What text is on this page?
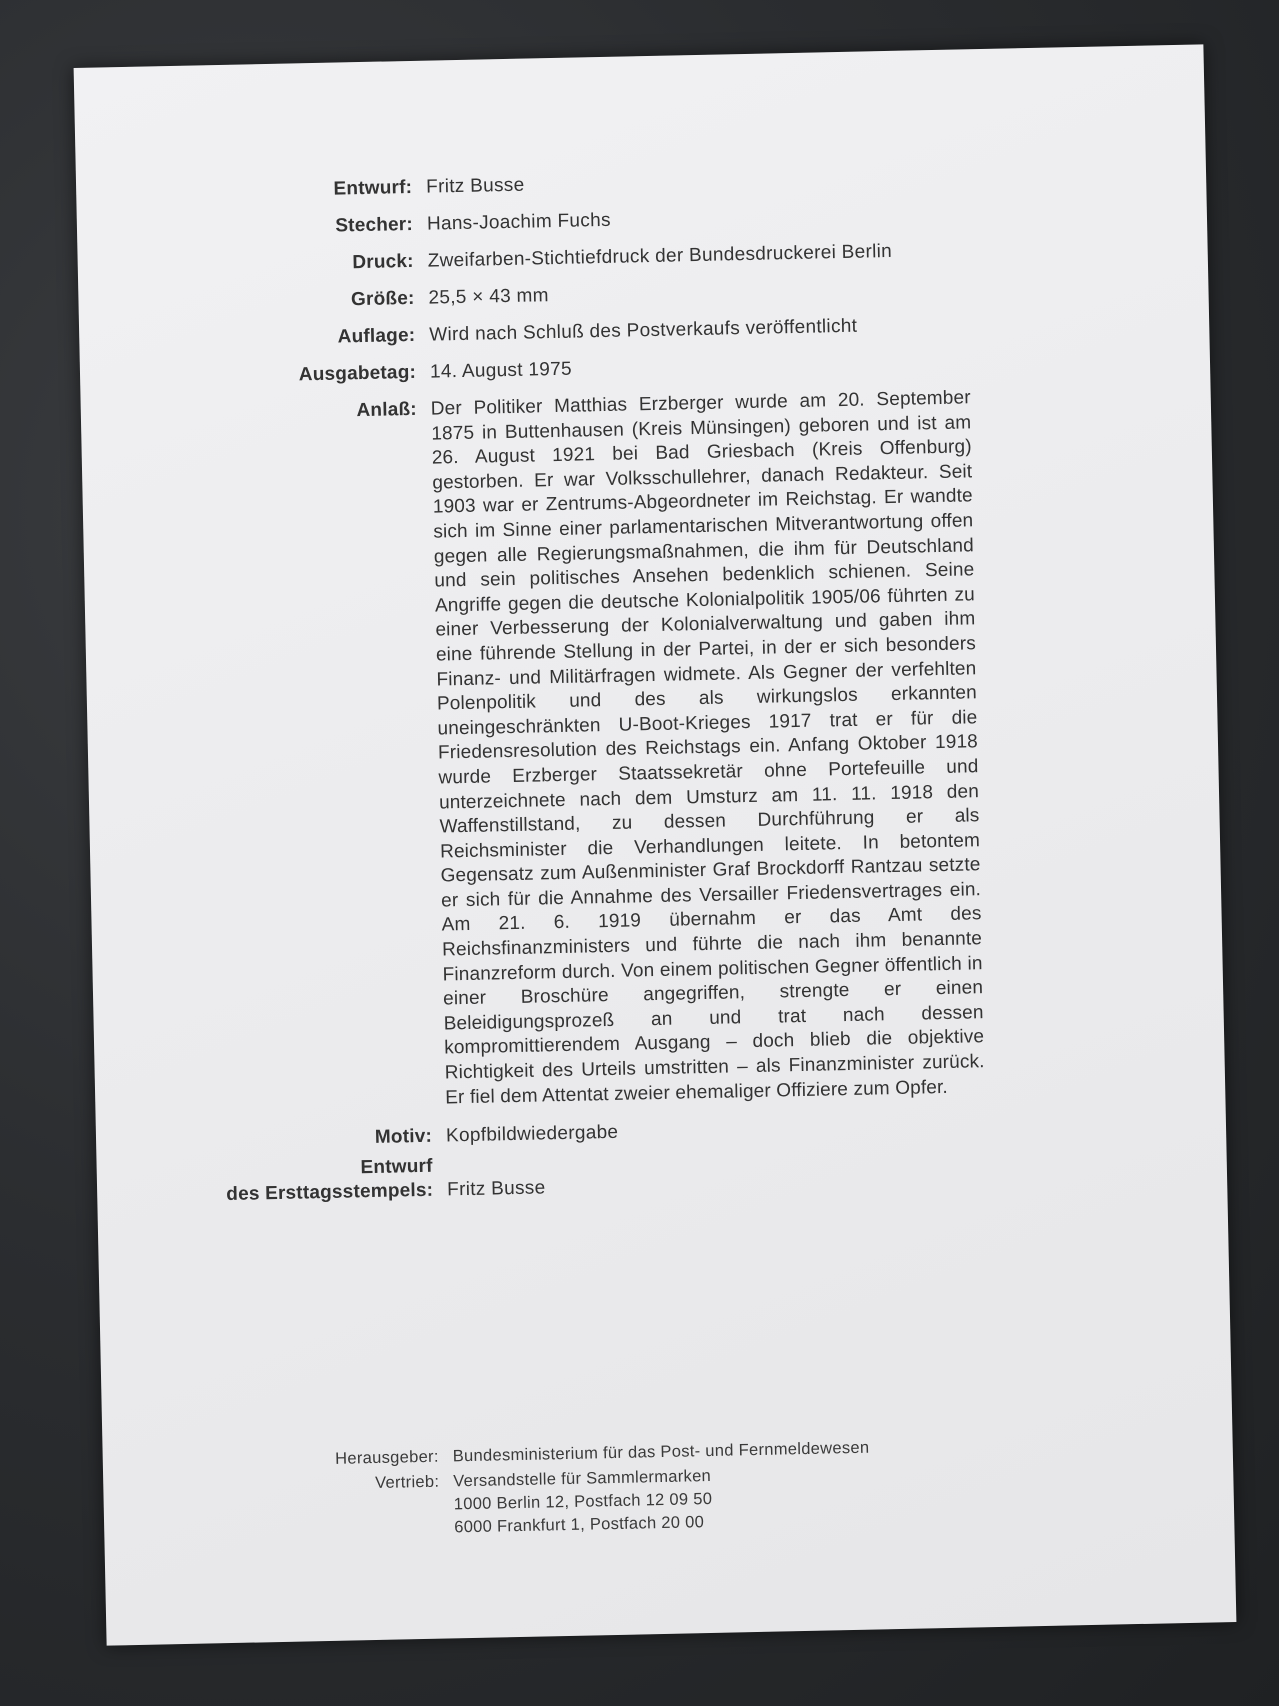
Entwurf: Fritz Busse
Stecher: Hans-Joachim Fuchs
Druck: Zweifarben-Stichtiefdruck der Bundesdruckerei Berlin
Größe: 25,5 × 43 mm
Auflage: Wird nach Schluß des Postverkaufs veröffentlicht
Ausgabetag: 14. August 1975
Anlaß: Der Politiker Matthias Erzberger wurde am 20. September 1875 in Buttenhausen (Kreis Münsingen) geboren und ist am 26. August 1921 bei Bad Griesbach (Kreis Offenburg) gestorben. Er war Volksschullehrer, danach Redakteur. Seit 1903 war er Zentrums-Abgeordneter im Reichstag. Er wandte sich im Sinne einer parlamentarischen Mitverantwortung offen gegen alle Regierungsmaßnahmen, die ihm für Deutschland und sein politisches Ansehen bedenklich schienen. Seine Angriffe gegen die deutsche Kolonialpolitik 1905/06 führten zu einer Verbesserung der Kolonialverwaltung und gaben ihm eine führende Stellung in der Partei, in der er sich besonders Finanz- und Militärfragen widmete. Als Gegner der verfehlten Polenpolitik und des als wirkungslos erkannten uneingeschränkten U-Boot-Krieges 1917 trat er für die Friedensresolution des Reichstags ein. Anfang Oktober 1918 wurde Erzberger Staatssekretär ohne Portefeuille und unterzeichnete nach dem Umsturz am 11. 11. 1918 den Waffenstillstand, zu dessen Durchführung er als Reichsminister die Verhandlungen leitete. In betontem Gegensatz zum Außenminister Graf Brockdorff Rantzau setzte er sich für die Annahme des Versailler Friedensvertrages ein. Am 21. 6. 1919 übernahm er das Amt des Reichsfinanzministers und führte die nach ihm benannte Finanzreform durch. Von einem politischen Gegner öffentlich in einer Broschüre angegriffen, strengte er einen Beleidigungsprozeß an und trat nach dessen kompromittierendem Ausgang – doch blieb die objektive Richtigkeit des Urteils umstritten – als Finanzminister zurück. Er fiel dem Attentat zweier ehemaliger Offiziere zum Opfer.
Motiv: Kopfbildwiedergabe
Entwurf
des Ersttagsstempels: Fritz Busse
Herausgeber: Bundesministerium für das Post- und Fernmeldewesen
Vertrieb: Versandstelle für Sammlermarken
1000 Berlin 12, Postfach 12 09 50
6000 Frankfurt 1, Postfach 20 00
